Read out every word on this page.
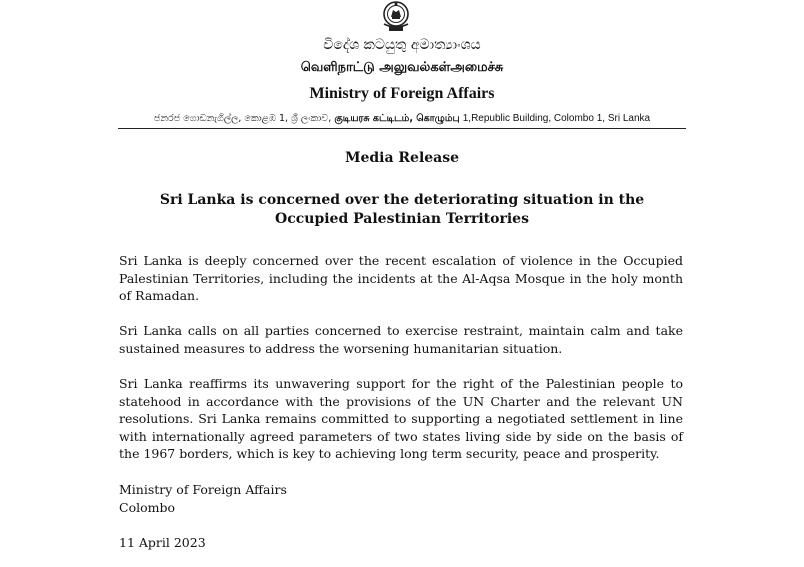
විදේශ කටයුතු අමාත්‍යාංශය
வெளிநாட்டு அலுவல்கள்அமைச்சு
Ministry of Foreign Affairs
ජනරජ ගොඩනැගිල්ල, කොළඹ 1, ශ්‍රී ලංකාව, குடியரசு கட்டிடம், கொழும்பு 1,Republic Building, Colombo 1, Sri Lanka
Media Release
Sri Lanka is concerned over the deteriorating situation in the
Occupied Palestinian Territories
Sri Lanka is deeply concerned over the recent escalation of violence in the Occupied Palestinian Territories, including the incidents at the Al-Aqsa Mosque in the holy month of Ramadan.
Sri Lanka calls on all parties concerned to exercise restraint, maintain calm and take sustained measures to address the worsening humanitarian situation.
Sri Lanka reaffirms its unwavering support for the right of the Palestinian people to statehood in accordance with the provisions of the UN Charter and the relevant UN resolutions. Sri Lanka remains committed to supporting a negotiated settlement in line with internationally agreed parameters of two states living side by side on the basis of the 1967 borders, which is key to achieving long term security, peace and prosperity.
Ministry of Foreign Affairs
Colombo
11 April 2023
